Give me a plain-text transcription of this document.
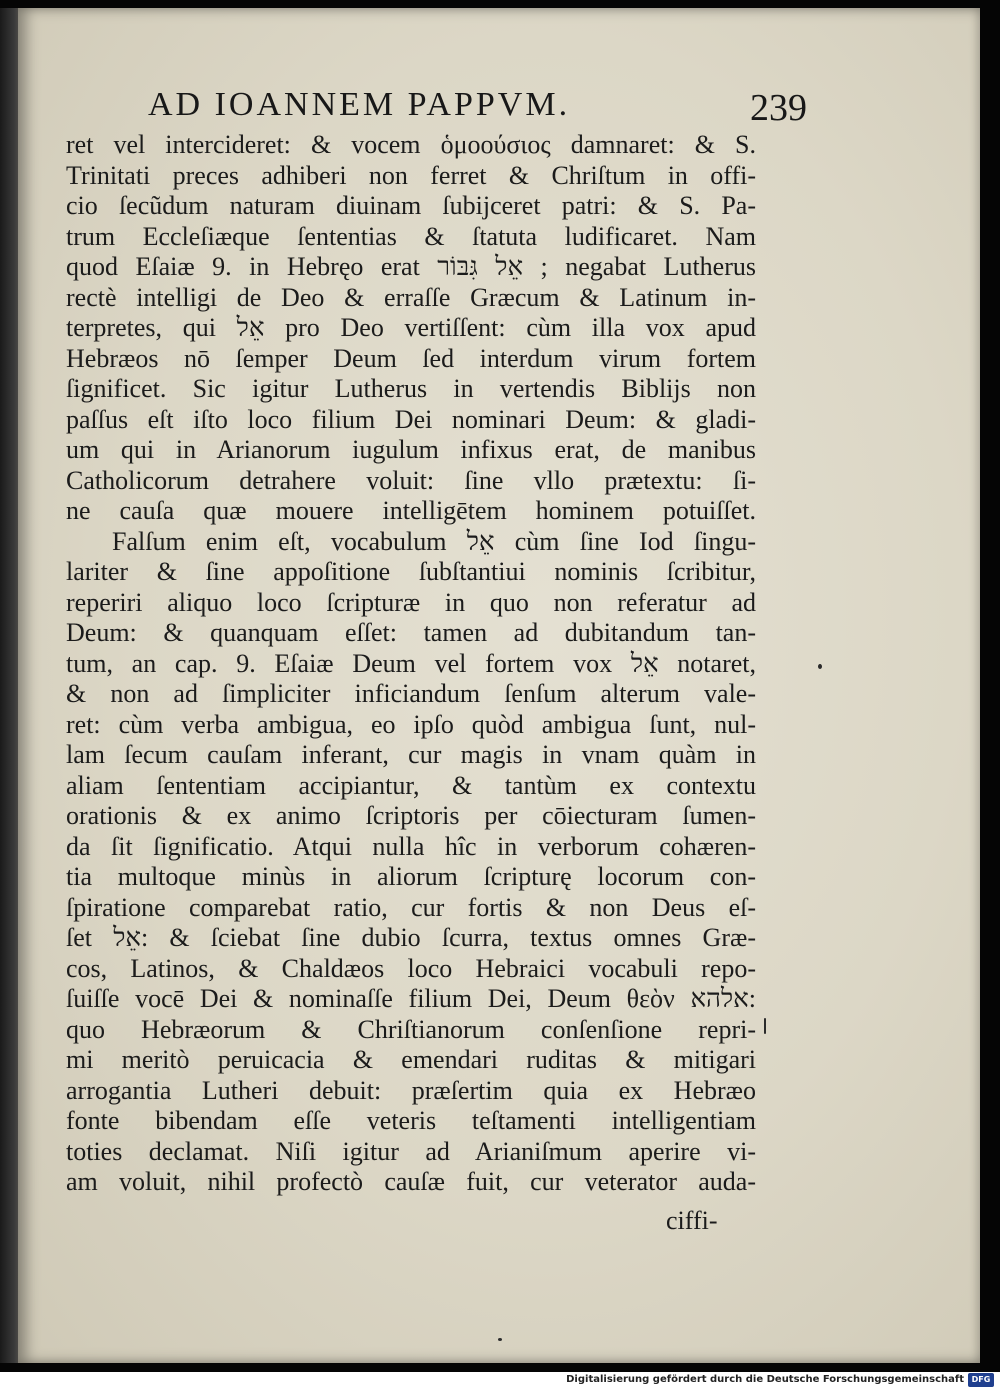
AD IOANNEM PAPPVM.	239
ret vel intercideret: & vocem ὁμοούσιος damnaret: & S.
Trinitati preces adhiberi non ferret & Chriſtum in offi-
cio ſecũdum naturam diuinam ſubijceret patri: & S. Pa-
trum Eccleſiæque ſententias & ſtatuta ludificaret. Nam
quod Eſaiæ 9. in Hebręo erat אֵל גִּבּוֹר ; negabat Lutherus
rectè intelligi de Deo & erraſſe Græcum & Latinum in-
terpretes, qui אֵל pro Deo vertiſſent: cùm illa vox apud
Hebræos nō ſemper Deum ſed interdum virum fortem
ſignificet. Sic igitur Lutherus in vertendis Biblijs non
paſſus eſt iſto loco filium Dei nominari Deum: & gladi-
um qui in Arianorum iugulum infixus erat, de manibus
Catholicorum detrahere voluit: ſine vllo prætextu: ſi-
ne cauſa quæ mouere intelligētem hominem potuiſſet.
Falſum enim eſt, vocabulum אֵל cùm ſine Iod ſingu-
lariter & ſine appoſitione ſubſtantiui nominis ſcribitur,
reperiri aliquo loco ſcripturæ in quo non referatur ad
Deum: & quanquam eſſet: tamen ad dubitandum tan-
tum, an cap. 9. Eſaiæ Deum vel fortem vox אֵל notaret,
& non ad ſimpliciter inficiandum ſenſum alterum vale-
ret: cùm verba ambigua, eo ipſo quòd ambigua ſunt, nul-
lam ſecum cauſam inferant, cur magis in vnam quàm in
aliam ſententiam accipiantur, & tantùm ex contextu
orationis & ex animo ſcriptoris per cōiecturam ſumen-
da ſit ſignificatio. Atqui nulla hîc in verborum cohæren-
tia multoque minùs in aliorum ſcripturę locorum con-
ſpiratione comparebat ratio, cur fortis & non Deus eſ-
ſet אֵל: & ſciebat ſine dubio ſcurra, textus omnes Græ-
cos, Latinos, & Chaldæos loco Hebraici vocabuli repo-
ſuiſſe vocē Dei & nominaſſe filium Dei, Deum θεὸν אלהא:
quo Hebræorum & Chriſtianorum conſenſione repri-
mi meritò peruicacia & emendari ruditas & mitigari
arrogantia Lutheri debuit: præſertim quia ex Hebræo
fonte bibendam eſſe veteris teſtamenti intelligentiam
toties declamat. Niſi igitur ad Arianiſmum aperire vi-
am voluit, nihil profectò cauſæ fuit, cur veterator auda-
ciffi-
Digitalisierung gefördert durch die Deutsche Forschungsgemeinschaft DFG
